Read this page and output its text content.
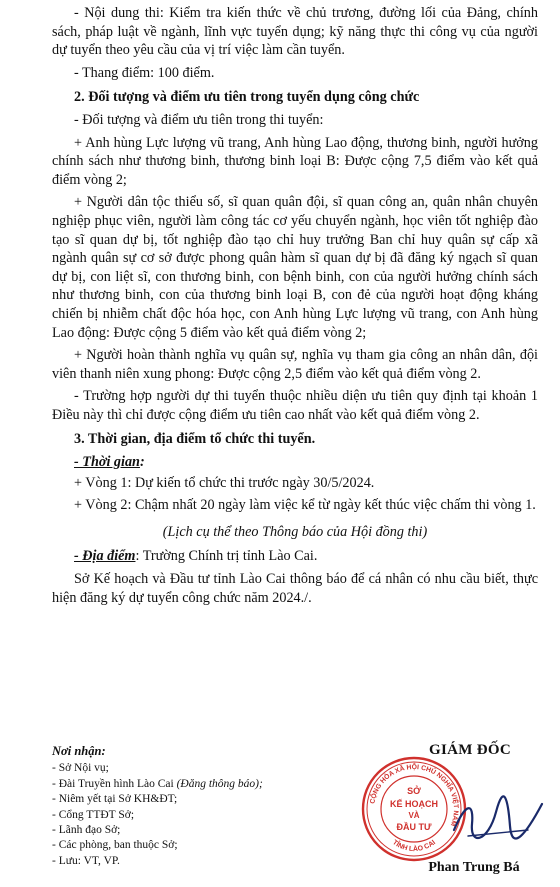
- Nội dung thi: Kiểm tra kiến thức về chủ trương, đường lối của Đảng, chính sách, pháp luật về ngành, lĩnh vực tuyển dụng; kỹ năng thực thi công vụ của người dự tuyển theo yêu cầu của vị trí việc làm cần tuyển.

- Thang điểm: 100 điểm.

2. Đối tượng và điểm ưu tiên trong tuyển dụng công chức

- Đối tượng và điểm ưu tiên trong thi tuyển:

+ Anh hùng Lực lượng vũ trang, Anh hùng Lao động, thương binh, người hưởng chính sách như thương binh, thương binh loại B: Được cộng 7,5 điểm vào kết quả điểm vòng 2;

+ Người dân tộc thiểu số, sĩ quan quân đội, sĩ quan công an, quân nhân chuyên nghiệp phục viên, người làm công tác cơ yếu chuyển ngành, học viên tốt nghiệp đào tạo sĩ quan dự bị, tốt nghiệp đào tạo chỉ huy trưởng Ban chỉ huy quân sự cấp xã ngành quân sự cơ sở được phong quân hàm sĩ quan dự bị đã đăng ký ngạch sĩ quan dự bị, con liệt sĩ, con thương binh, con bệnh binh, con của người hưởng chính sách như thương binh, con của thương binh loại B, con đẻ của người hoạt động kháng chiến bị nhiễm chất độc hóa học, con Anh hùng Lực lượng vũ trang, con Anh hùng Lao động: Được cộng 5 điểm vào kết quả điểm vòng 2;

+ Người hoàn thành nghĩa vụ quân sự, nghĩa vụ tham gia công an nhân dân, đội viên thanh niên xung phong: Được cộng 2,5 điểm vào kết quả điểm vòng 2.

- Trường hợp người dự thi tuyển thuộc nhiều diện ưu tiên quy định tại khoản 1 Điều này thì chỉ được cộng điểm ưu tiên cao nhất vào kết quả điểm vòng 2.

3. Thời gian, địa điểm tổ chức thi tuyển.

- Thời gian:

+ Vòng 1: Dự kiến tổ chức thi trước ngày 30/5/2024.

+ Vòng 2: Chậm nhất 20 ngày làm việc kể từ ngày kết thúc việc chấm thi vòng 1.

(Lịch cụ thể theo Thông báo của Hội đồng thi)

- Địa điểm: Trường Chính trị tỉnh Lào Cai.

Sở Kế hoạch và Đầu tư tỉnh Lào Cai thông báo để cá nhân có nhu cầu biết, thực hiện đăng ký dự tuyển công chức năm 2024./.

Nơi nhận:
- Sở Nội vụ;
- Đài Truyền hình Lào Cai (Đăng thông báo);
- Niêm yết tại Sở KH&ĐT;
- Cổng TTĐT Sở;
- Lãnh đạo Sở;
- Các phòng, ban thuộc Sở;
- Lưu: VT, VP.
CỘNG HÒA XÃ HỘI CHỦ NGHĨA VIỆT NAM
TỈNH LÀO CAI
SỞ
KẾ HOẠCH
VÀ
ĐẦU TƯ
GIÁM ĐỐC
Phan Trung Bá
